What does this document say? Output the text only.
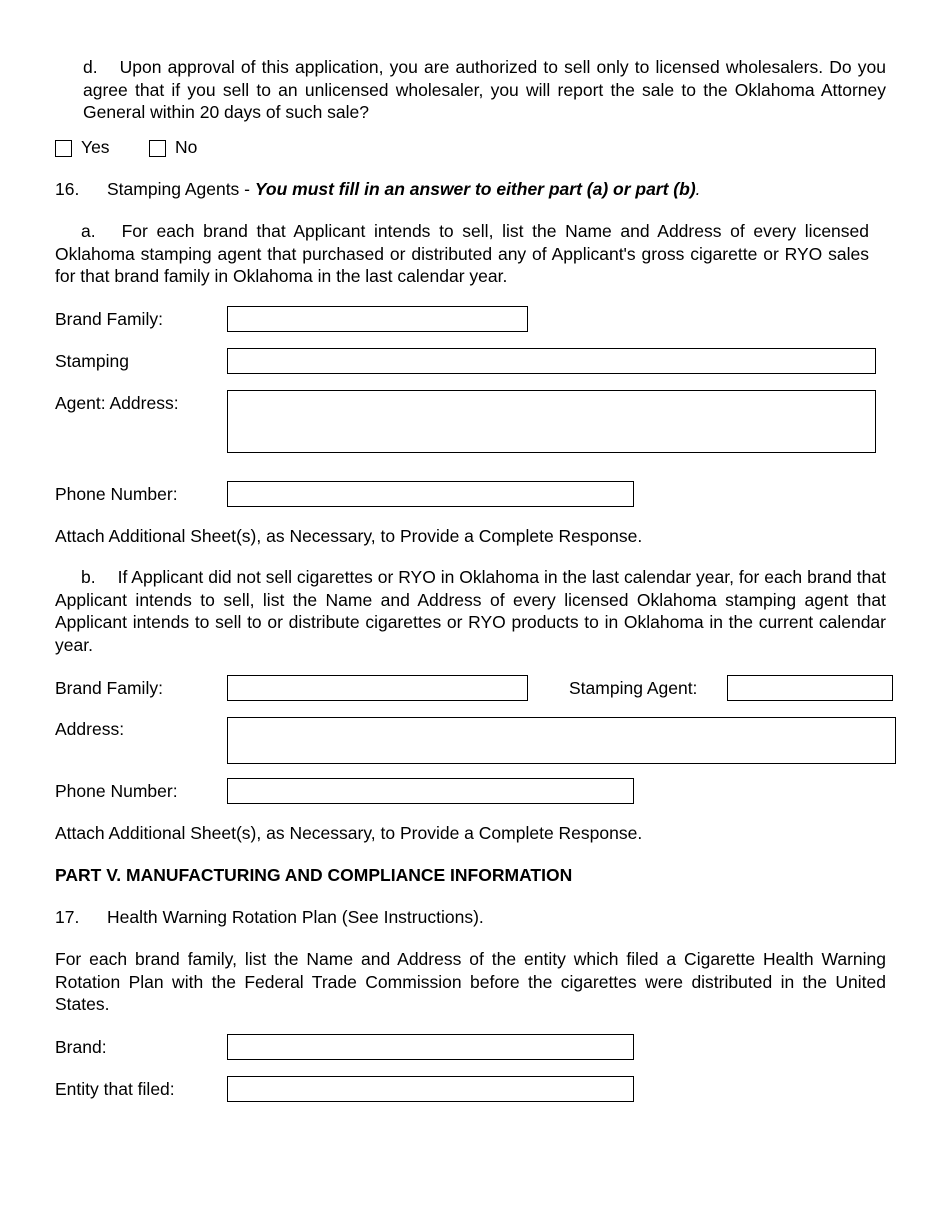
d. Upon approval of this application, you are authorized to sell only to licensed wholesalers. Do you agree that if you sell to an unlicensed wholesaler, you will report the sale to the Oklahoma Attorney General within 20 days of such sale?
Yes	No
16. Stamping Agents - You must fill in an answer to either part (a) or part (b).
a. For each brand that Applicant intends to sell, list the Name and Address of every licensed Oklahoma stamping agent that purchased or distributed any of Applicant's gross cigarette or RYO sales for that brand family in Oklahoma in the last calendar year.
Brand Family:
Stamping
Agent: Address:
Phone Number:
Attach Additional Sheet(s), as Necessary, to Provide a Complete Response.
b. If Applicant did not sell cigarettes or RYO in Oklahoma in the last calendar year, for each brand that Applicant intends to sell, list the Name and Address of every licensed Oklahoma stamping agent that Applicant intends to sell to or distribute cigarettes or RYO products to in Oklahoma in the current calendar year.
Brand Family:	Stamping Agent:
Address:
Phone Number:
Attach Additional Sheet(s), as Necessary, to Provide a Complete Response.
PART V. MANUFACTURING AND COMPLIANCE INFORMATION
17. Health Warning Rotation Plan (See Instructions).
For each brand family, list the Name and Address of the entity which filed a Cigarette Health Warning Rotation Plan with the Federal Trade Commission before the cigarettes were distributed in the United States.
Brand:
Entity that filed:
